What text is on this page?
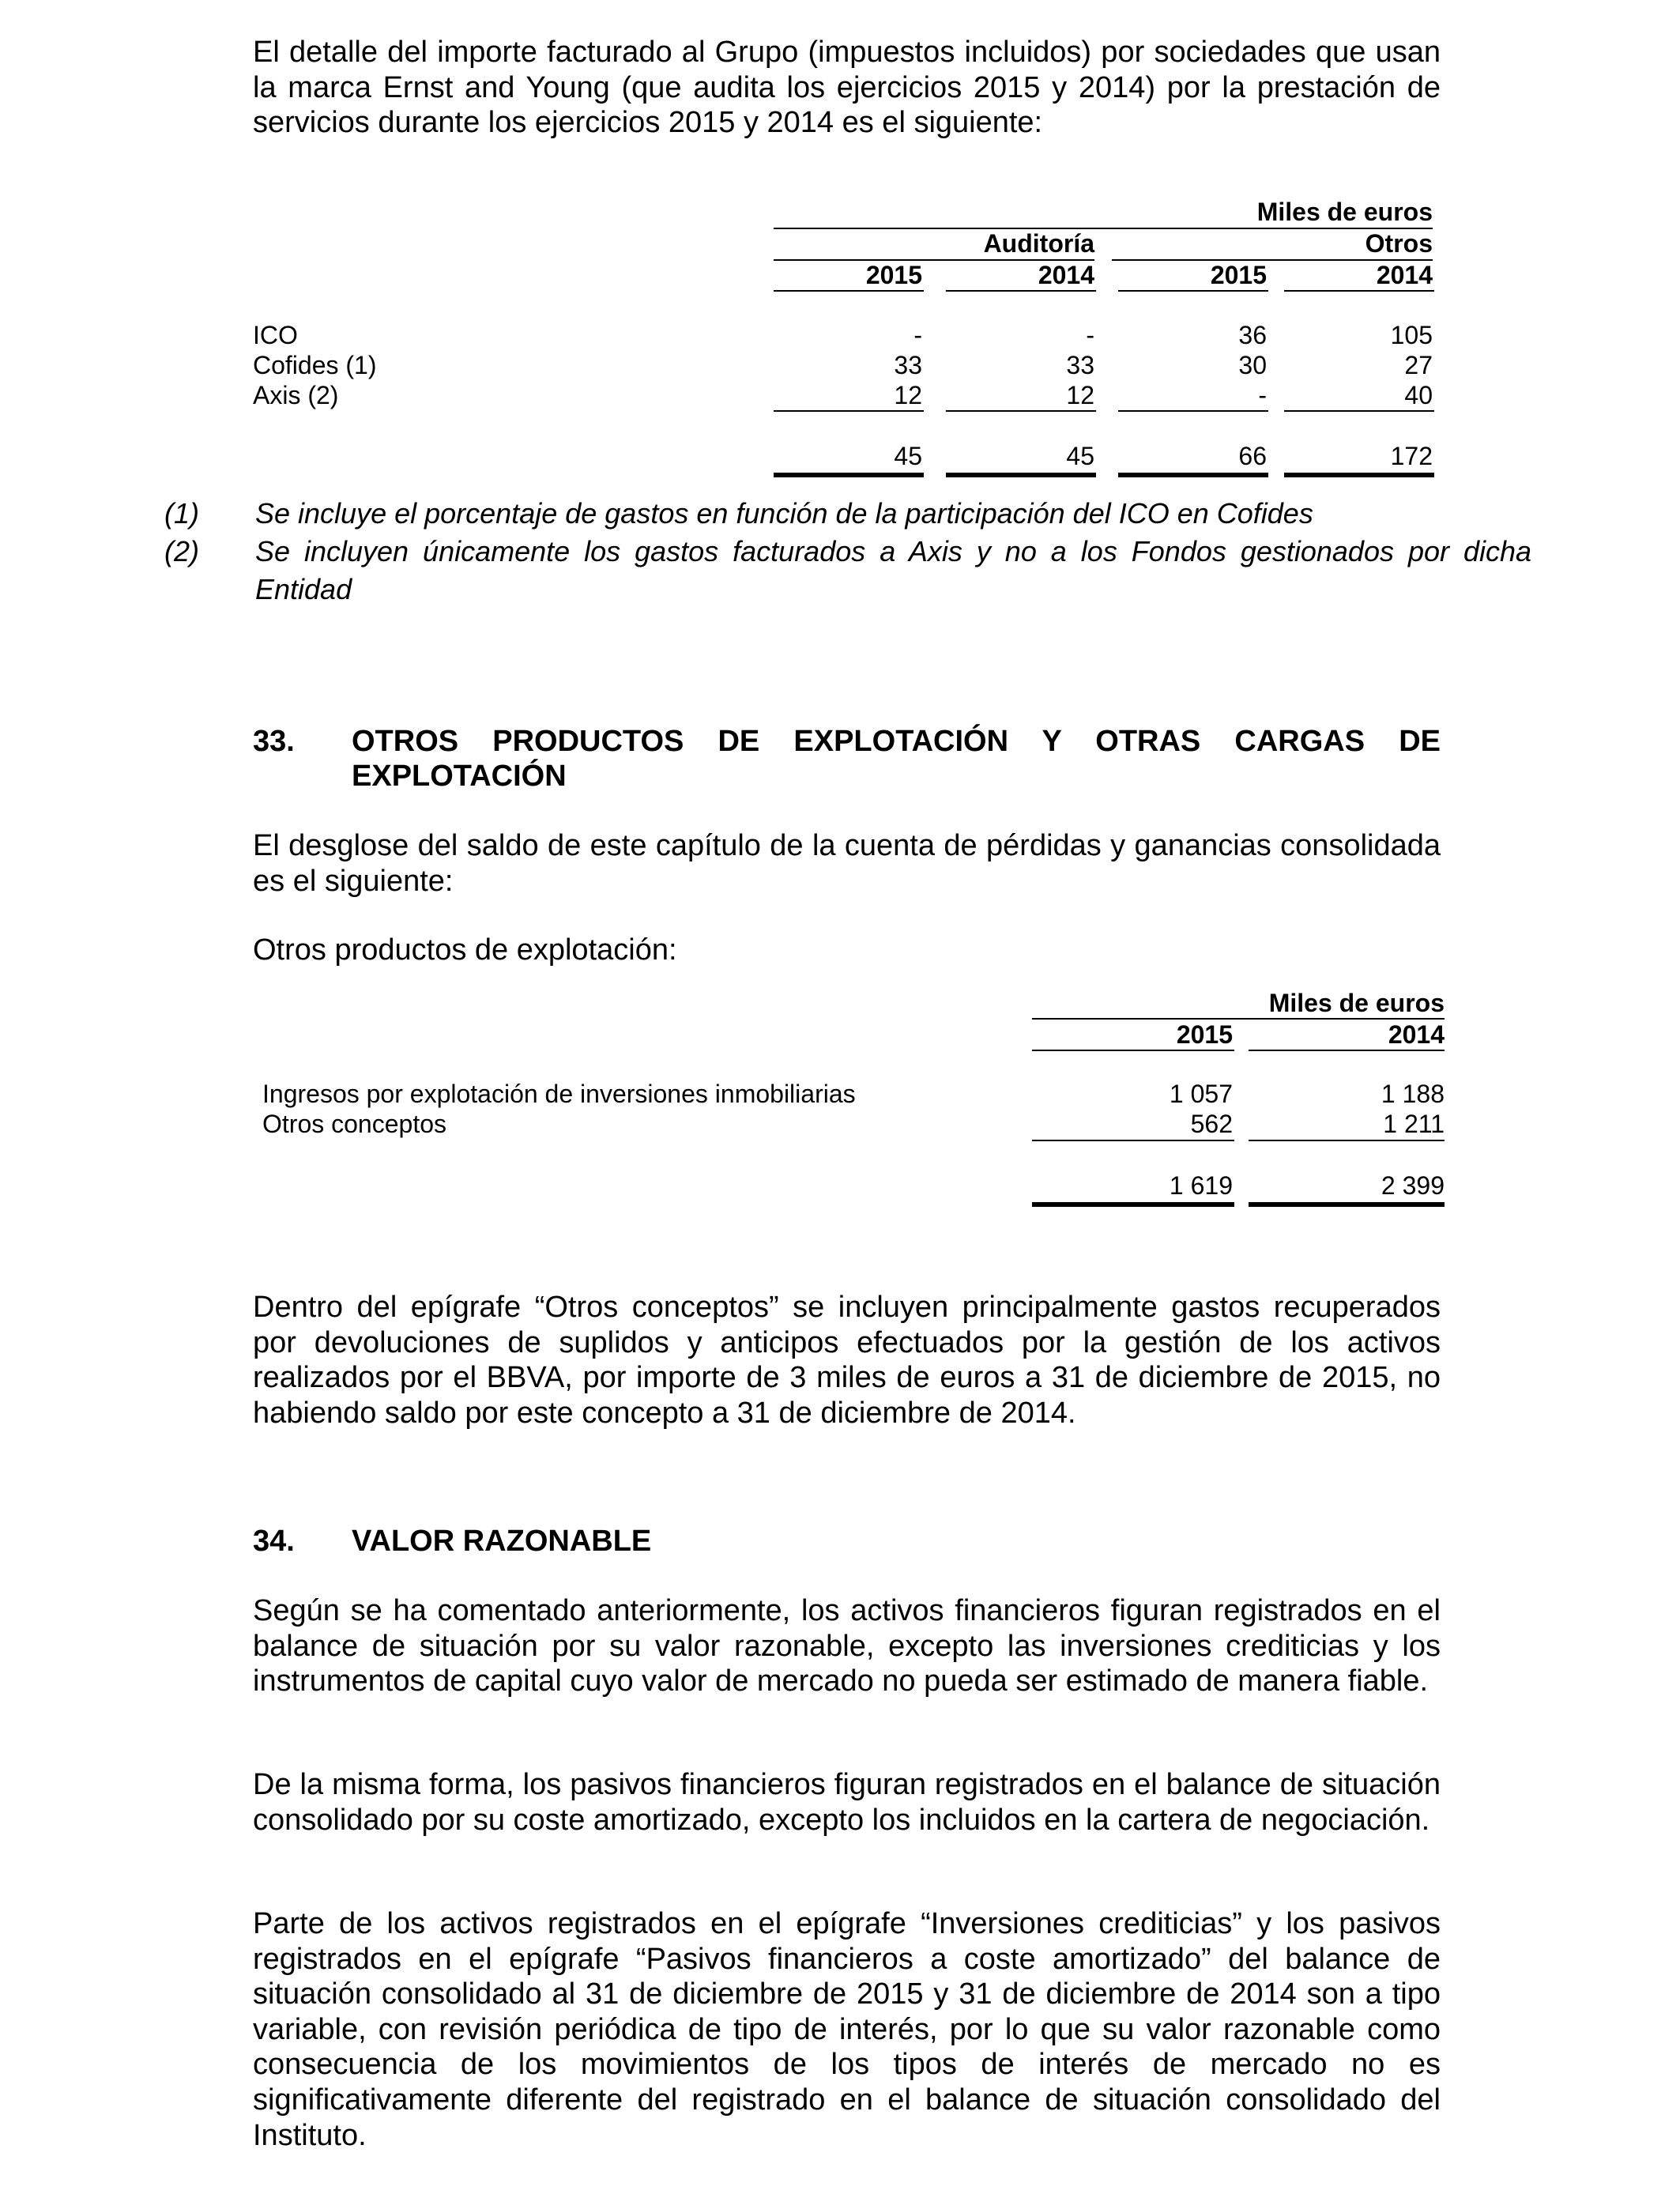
El detalle del importe facturado al Grupo (impuestos incluidos) por sociedades que usan la marca Ernst and Young (que audita los ejercicios 2015 y 2014) por la prestación de servicios durante los ejercicios 2015 y 2014 es el siguiente:

Miles de euros
Auditoría	Otros
2015	2014	2015	2014
ICO	-	-	36	105
Cofides (1)	33	33	30	27
Axis (2)	12	12	-	40
45	45	66	172
(1) Se incluye el porcentaje de gastos en función de la participación del ICO en Cofides
(2) Se incluyen únicamente los gastos facturados a Axis y no a los Fondos gestionados por dicha Entidad
33. OTROS PRODUCTOS DE EXPLOTACIÓN Y OTRAS CARGAS DE EXPLOTACIÓN

El desglose del saldo de este capítulo de la cuenta de pérdidas y ganancias consolidada es el siguiente:

Otros productos de explotación:

Miles de euros
2015	2014
Ingresos por explotación de inversiones inmobiliarias	1 057	1 188
Otros conceptos	562	1 211
1 619	2 399

Dentro del epígrafe “Otros conceptos” se incluyen principalmente gastos recuperados por devoluciones de suplidos y anticipos efectuados por la gestión de los activos realizados por el BBVA, por importe de 3 miles de euros a 31 de diciembre de 2015, no habiendo saldo por este concepto a 31 de diciembre de 2014.

34. VALOR RAZONABLE

Según se ha comentado anteriormente, los activos financieros figuran registrados en el balance de situación por su valor razonable, excepto las inversiones crediticias y los instrumentos de capital cuyo valor de mercado no pueda ser estimado de manera fiable.

De la misma forma, los pasivos financieros figuran registrados en el balance de situación consolidado por su coste amortizado, excepto los incluidos en la cartera de negociación.

Parte de los activos registrados en el epígrafe “Inversiones crediticias” y los pasivos registrados en el epígrafe “Pasivos financieros a coste amortizado” del balance de situación consolidado al 31 de diciembre de 2015 y 31 de diciembre de 2014 son a tipo variable, con revisión periódica de tipo de interés, por lo que su valor razonable como consecuencia de los movimientos de los tipos de interés de mercado no es significativamente diferente del registrado en el balance de situación consolidado del Instituto.
